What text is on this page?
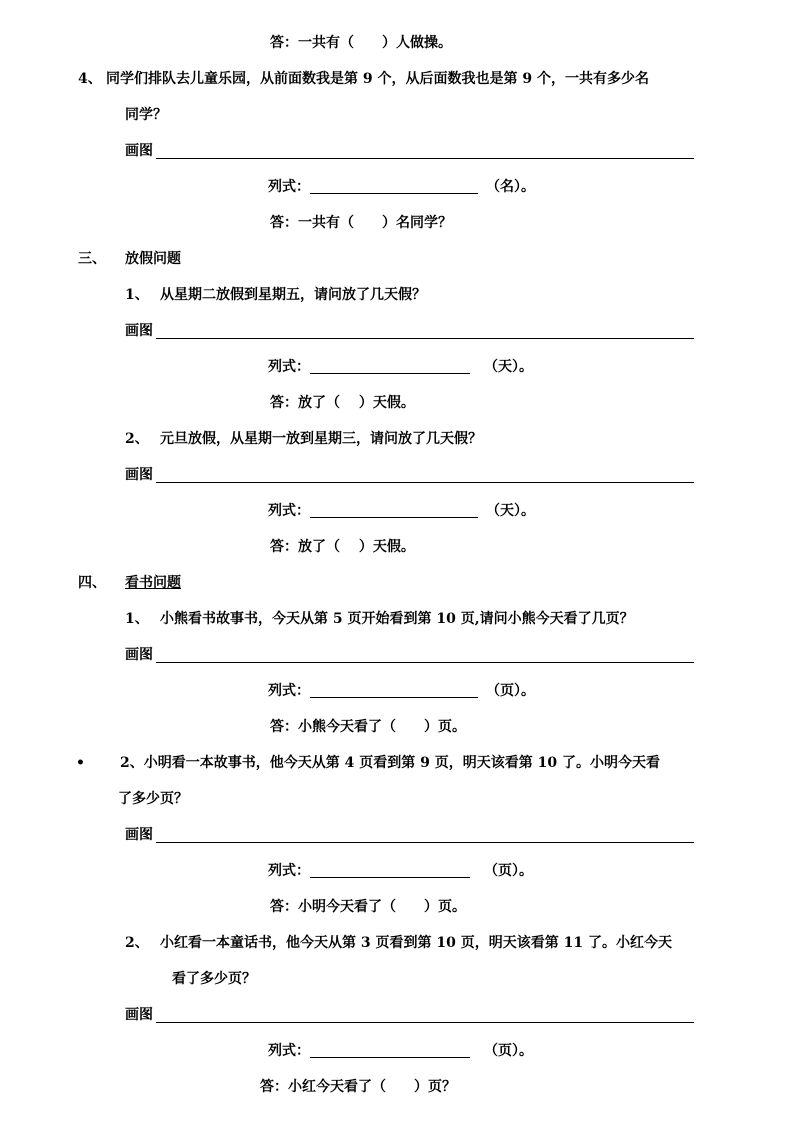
答：一共有（　　）人做操。
4、 同学们排队去儿童乐园，从前面数我是第 9 个，从后面数我也是第 9 个，一共有多少名
同学？
画图
列式：	（名）。
答：一共有（　　）名同学？
三、 放假问题
1、 从星期二放假到星期五，请问放了几天假？
画图
列式：	（天）。
答：放了（　 ）天假。
2、 元旦放假，从星期一放到星期三，请问放了几天假？
画图
列式：	（天）。
答：放了（　 ）天假。
四、 看书问题
1、 小熊看书故事书，今天从第 5 页开始看到第 10 页,请问小熊今天看了几页？
画图
列式：	（页）。
答：小熊今天看了（　　）页。
•	2、小明看一本故事书，他今天从第 4 页看到第 9 页，明天该看第 10 了。小明今天看
了多少页？
画图
列式：	（页）。
答：小明今天看了（　　）页。
2、 小红看一本童话书，他今天从第 3 页看到第 10 页，明天该看第 11 了。小红今天
看了多少页？
画图
列式：	（页）。
答：小红今天看了（　　）页？
